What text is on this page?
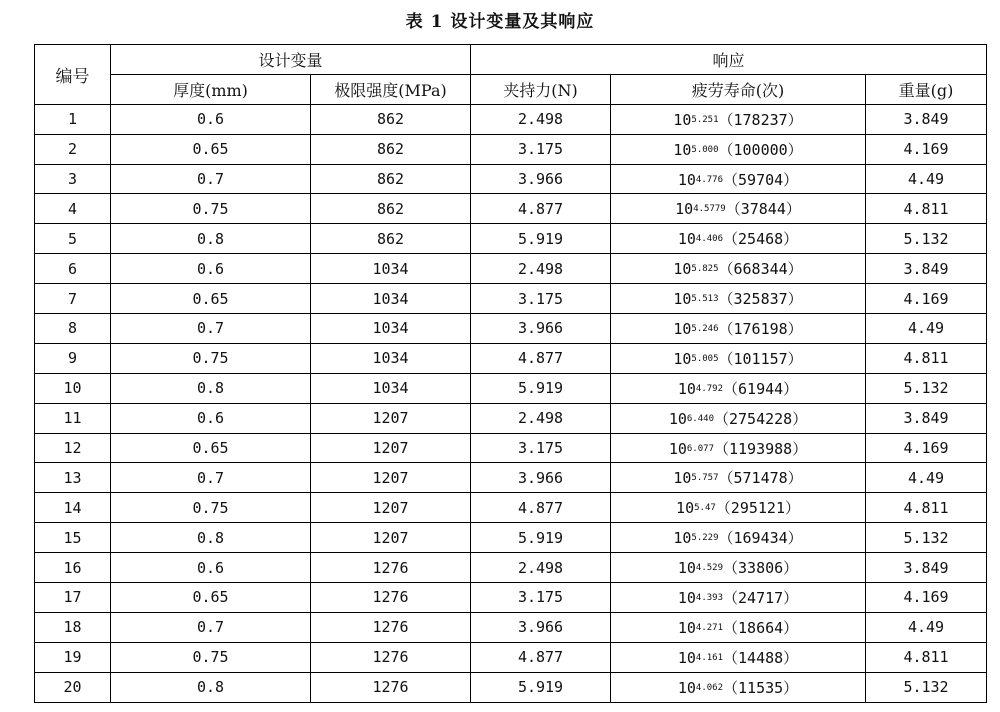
表 1 设计变量及其响应
编号	设计变量		响应		
	厚度(mm)	极限强度(MPa)	夹持力(N)	疲劳寿命(次)	重量(g)
1	0.6	862	2.498	$10^{5.251}(178237)$	3.849
2	0.65	862	3.175	$10^{5.000}(100000)$	4.169
3	0.7	862	3.966	$10^{4.776}(59704)$	4.49
4	0.75	862	4.877	$10^{4.5779}(37844)$	4.811
5	0.8	862	5.919	$10^{4.406}(25468)$	5.132
6	0.6	1034	2.498	$10^{5.825}(668344)$	3.849
7	0.65	1034	3.175	$10^{5.513}(325837)$	4.169
8	0.7	1034	3.966	$10^{5.246}(176198)$	4.49
9	0.75	1034	4.877	$10^{5.005}(101157)$	4.811
10	0.8	1034	5.919	$10^{4.792}(61944)$	5.132
11	0.6	1207	2.498	$10^{6.440}(2754228)$	3.849
12	0.65	1207	3.175	$10^{6.077}(1193988)$	4.169
13	0.7	1207	3.966	$10^{5.757}(571478)$	4.49
14	0.75	1207	4.877	$10^{5.47}(295121)$	4.811
15	0.8	1207	5.919	$10^{5.229}(169434)$	5.132
16	0.6	1276	2.498	$10^{4.529}(33806)$	3.849
17	0.65	1276	3.175	$10^{4.393}(24717)$	4.169
18	0.7	1276	3.966	$10^{4.271}(18664)$	4.49
19	0.75	1276	4.877	$10^{4.161}(14488)$	4.811
20	0.8	1276	5.919	$10^{4.062}(11535)$	5.132
